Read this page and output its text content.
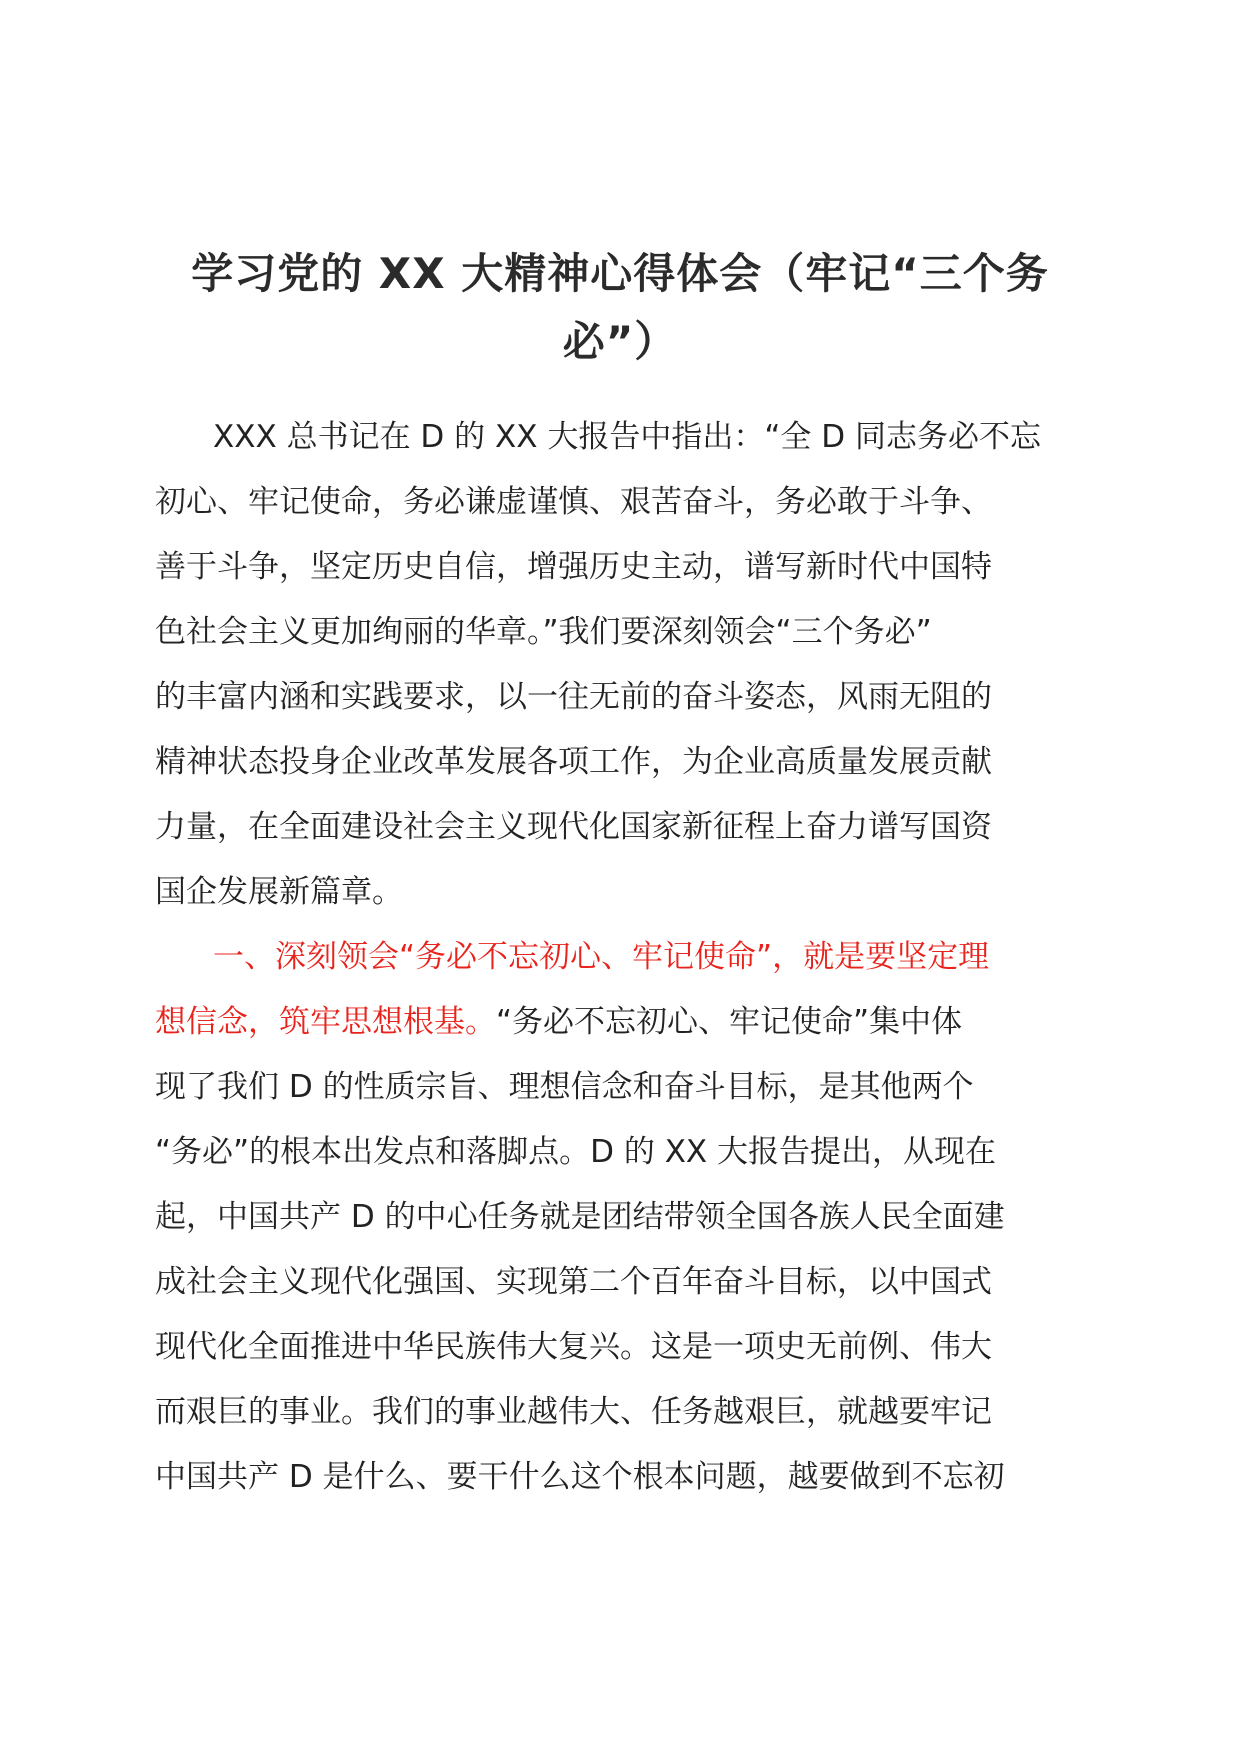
学习党的 XX 大精神心得体会（牢记“三个务
必”）
XXX 总书记在 D 的 XX 大报告中指出：“全 D 同志务必不忘
初心、牢记使命，务必谦虚谨慎、艰苦奋斗，务必敢于斗争、
善于斗争，坚定历史自信，增强历史主动，谱写新时代中国特
色社会主义更加绚丽的华章。”我们要深刻领会“三个务必”
的丰富内涵和实践要求，以一往无前的奋斗姿态，风雨无阻的
精神状态投身企业改革发展各项工作，为企业高质量发展贡献
力量，在全面建设社会主义现代化国家新征程上奋力谱写国资
国企发展新篇章。
一、深刻领会“务必不忘初心、牢记使命”，就是要坚定理
想信念，筑牢思想根基。“务必不忘初心、牢记使命”集中体
现了我们 D 的性质宗旨、理想信念和奋斗目标，是其他两个
“务必”的根本出发点和落脚点。D 的 XX 大报告提出，从现在
起，中国共产 D 的中心任务就是团结带领全国各族人民全面建
成社会主义现代化强国、实现第二个百年奋斗目标，以中国式
现代化全面推进中华民族伟大复兴。这是一项史无前例、伟大
而艰巨的事业。我们的事业越伟大、任务越艰巨，就越要牢记
中国共产 D 是什么、要干什么这个根本问题，越要做到不忘初
